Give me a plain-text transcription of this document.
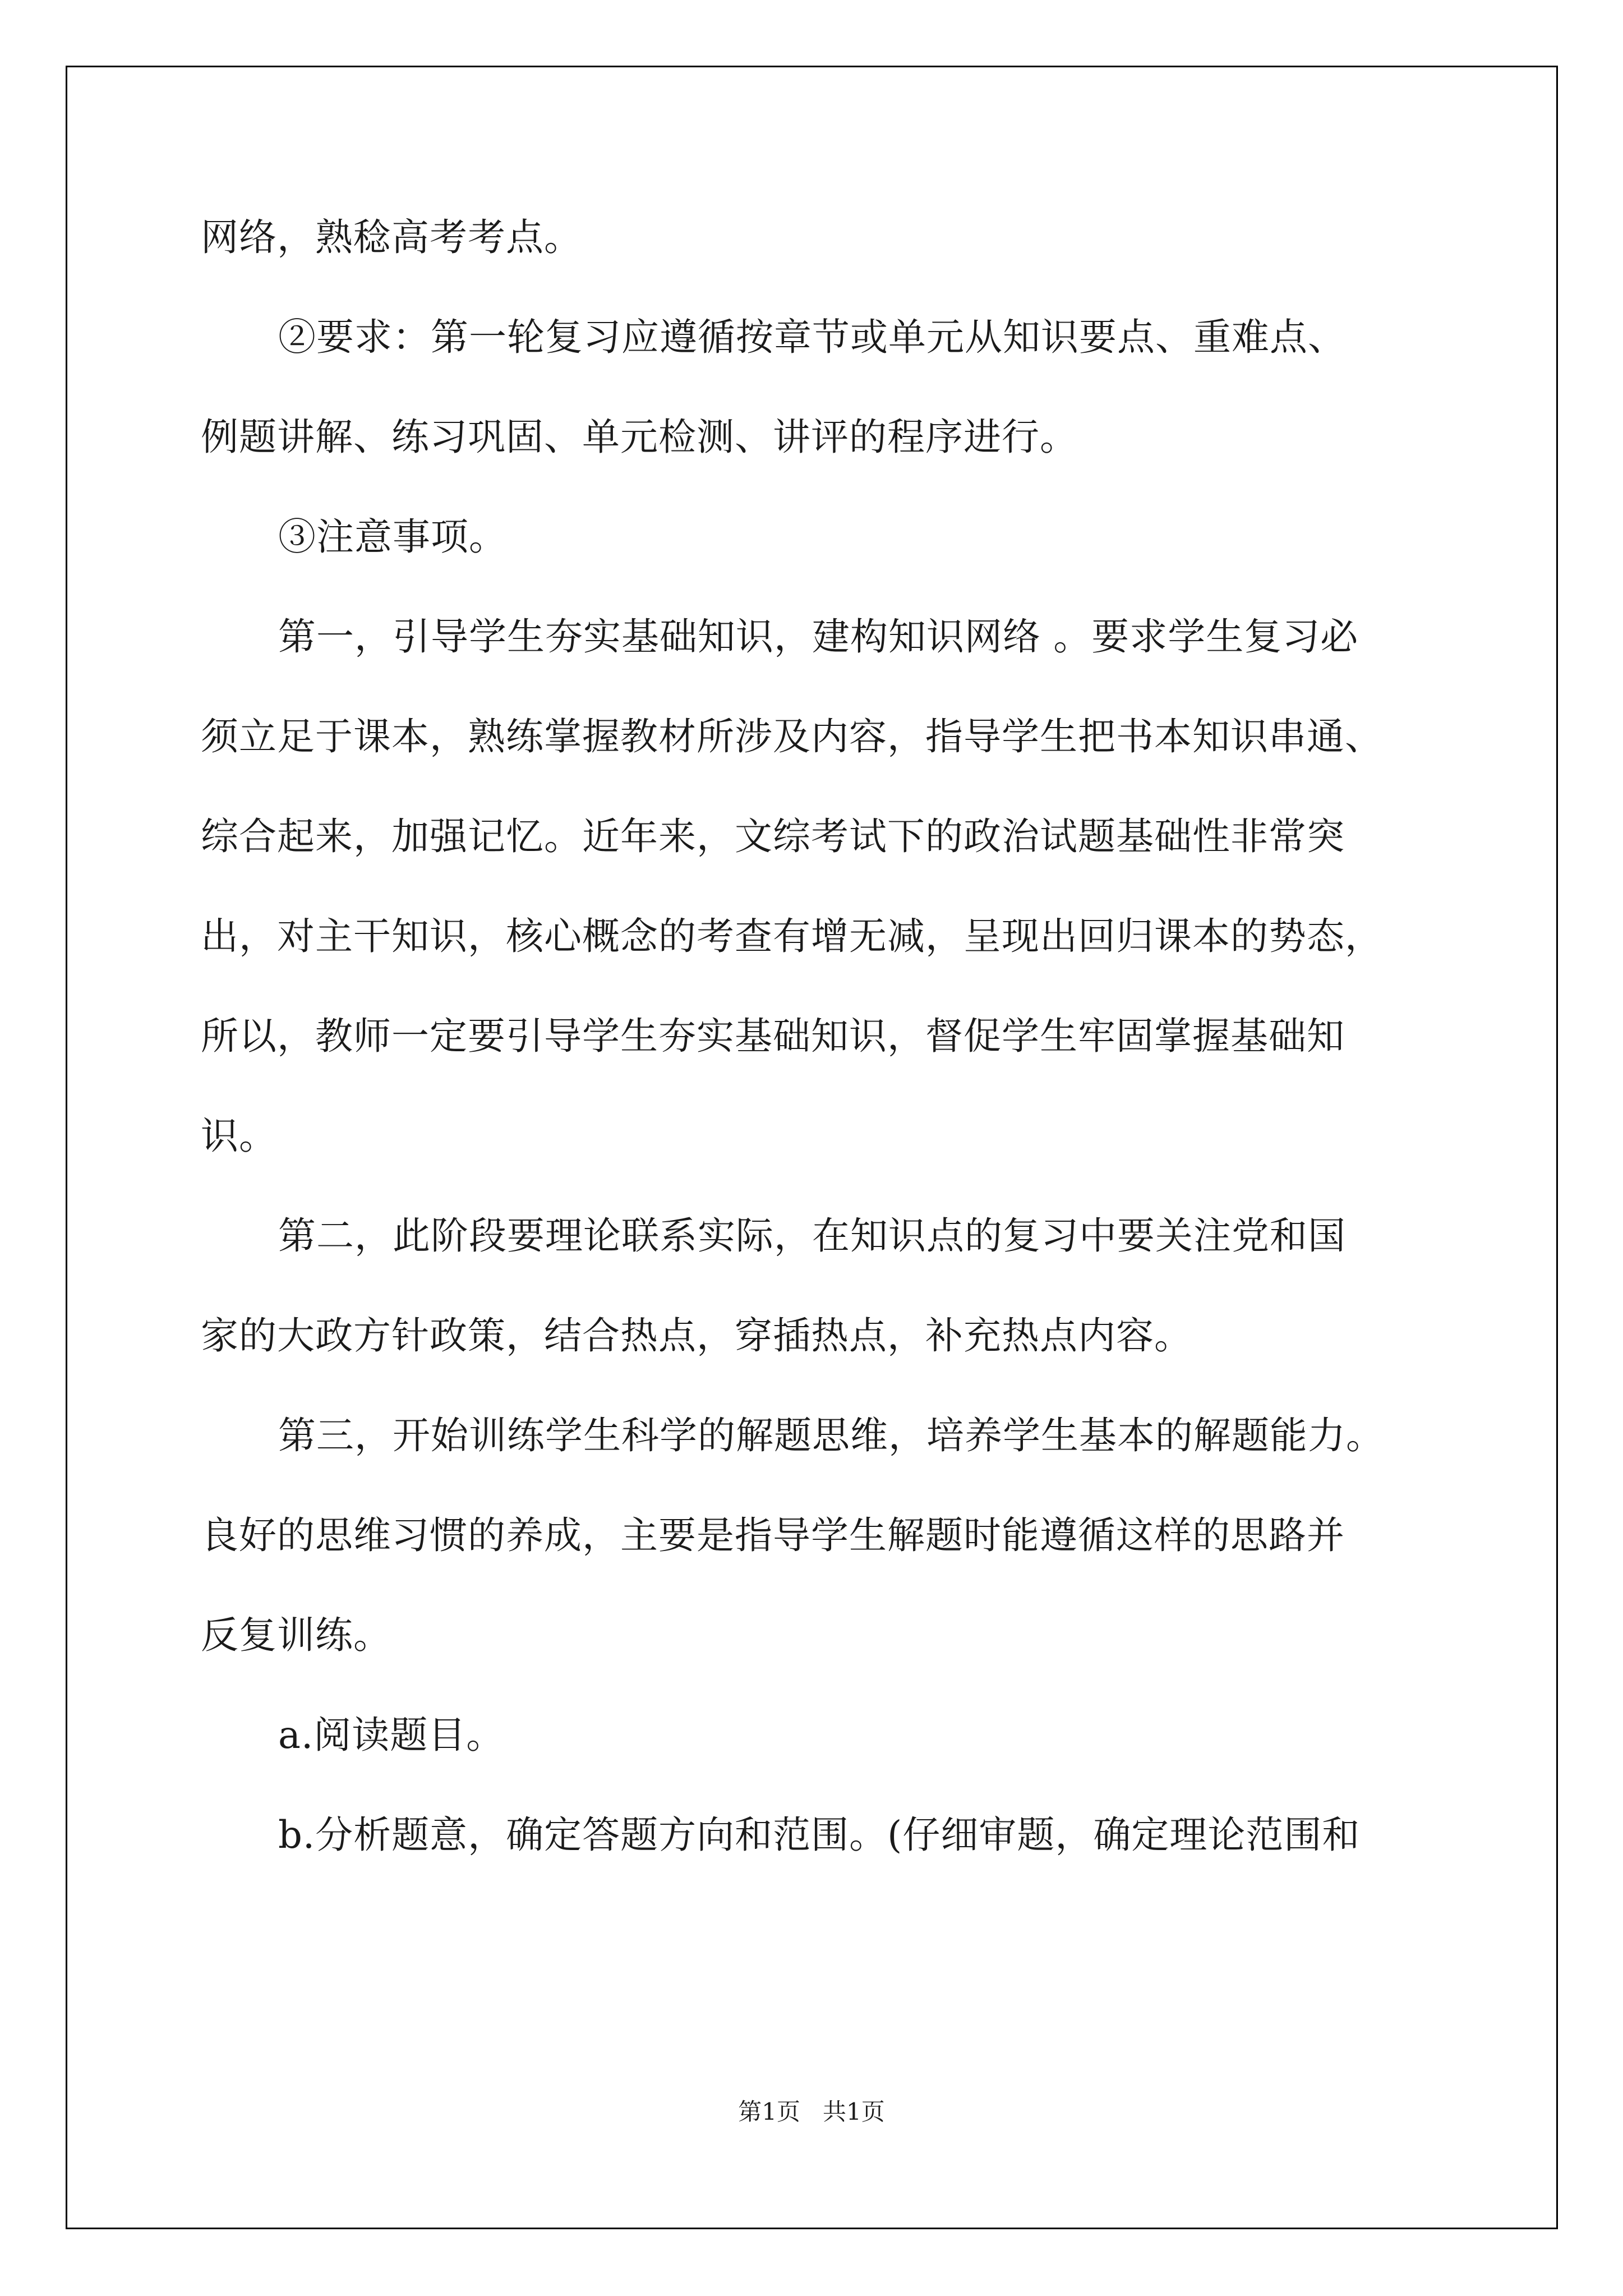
网络，熟稔高考考点。
②要求：第一轮复习应遵循按章节或单元从知识要点、重难点、
例题讲解、练习巩固、单元检测、讲评的程序进行。
③注意事项。
第一，引导学生夯实基础知识，建构知识网络 。要求学生复习必
须立足于课本，熟练掌握教材所涉及内容，指导学生把书本知识串通、
综合起来，加强记忆。近年来，文综考试下的政治试题基础性非常突
出，对主干知识，核心概念的考查有增无减，呈现出回归课本的势态，
所以，教师一定要引导学生夯实基础知识，督促学生牢固掌握基础知
识。
第二，此阶段要理论联系实际，在知识点的复习中要关注党和国
家的大政方针政策，结合热点，穿插热点，补充热点内容。
第三，开始训练学生科学的解题思维，培养学生基本的解题能力。
良好的思维习惯的养成，主要是指导学生解题时能遵循这样的思路并
反复训练。
a.阅读题目。
b.分析题意，确定答题方向和范围。(仔细审题，确定理论范围和
第1页 共1页
